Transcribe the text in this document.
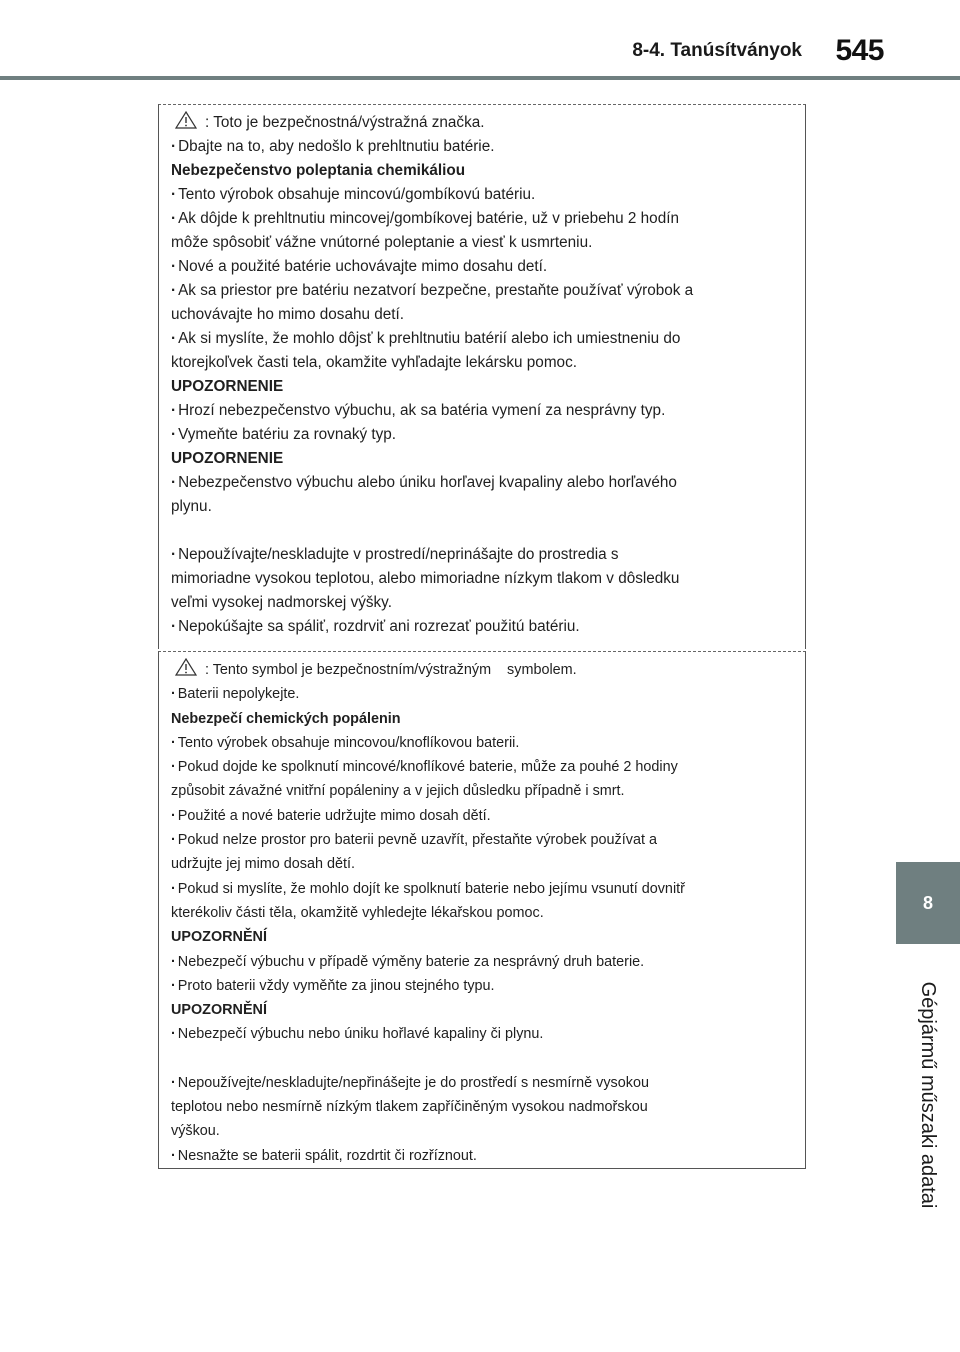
8-4. Tanúsítványok 545
8
Gépjármű műszaki adatai
: Toto je bezpečnostná/výstražná značka.
· Dbajte na to, aby nedošlo k prehltnutiu batérie.
Nebezpečenstvo poleptania chemikáliou
· Tento výrobok obsahuje mincovú/gombíkovú batériu.
· Ak dôjde k prehltnutiu mincovej/gombíkovej batérie, už v priebehu 2 hodín
môže spôsobiť vážne vnútorné poleptanie a viesť k usmrteniu.
· Nové a použité batérie uchovávajte mimo dosahu detí.
· Ak sa priestor pre batériu nezatvorí bezpečne, prestaňte používať výrobok a
uchovávajte ho mimo dosahu detí.
· Ak si myslíte, že mohlo dôjsť k prehltnutiu batérií alebo ich umiestneniu do
ktorejkoľvek časti tela, okamžite vyhľadajte lekársku pomoc.
UPOZORNENIE
· Hrozí nebezpečenstvo výbuchu, ak sa batéria vymení za nesprávny typ.
· Vymeňte batériu za rovnaký typ.
UPOZORNENIE
· Nebezpečenstvo výbuchu alebo úniku horľavej kvapaliny alebo horľavého
plynu.
· Nepoužívajte/neskladujte v prostredí/neprinášajte do prostredia s
mimoriadne vysokou teplotou, alebo mimoriadne nízkym tlakom v dôsledku
veľmi vysokej nadmorskej výšky.
· Nepokúšajte sa spáliť, rozdrviť ani rozrezať použitú batériu.
: Tento symbol je bezpečnostním/výstražným    symbolem.
· Baterii nepolykejte.
Nebezpečí chemických popálenin
· Tento výrobek obsahuje mincovou/knoflíkovou baterii.
· Pokud dojde ke spolknutí mincové/knoflíkové baterie, může za pouhé 2 hodiny
způsobit závažné vnitřní popáleniny a v jejich důsledku případně i smrt.
· Použité a nové baterie udržujte mimo dosah dětí.
· Pokud nelze prostor pro baterii pevně uzavřít, přestaňte výrobek používat a
udržujte jej mimo dosah dětí.
· Pokud si myslíte, že mohlo dojít ke spolknutí baterie nebo jejímu vsunutí dovnitř
kterékoliv části těla, okamžitě vyhledejte lékařskou pomoc.
UPOZORNĚNÍ
· Nebezpečí výbuchu v případě výměny baterie za nesprávný druh baterie.
· Proto baterii vždy vyměňte za jinou stejného typu.
UPOZORNĚNÍ
· Nebezpečí výbuchu nebo úniku hořlavé kapaliny či plynu.
· Nepoužívejte/neskladujte/nepřinášejte je do prostředí s nesmírně vysokou
teplotou nebo nesmírně nízkým tlakem zapříčiněným vysokou nadmořskou
výškou.
· Nesnažte se baterii spálit, rozdrtit či rozříznout.
